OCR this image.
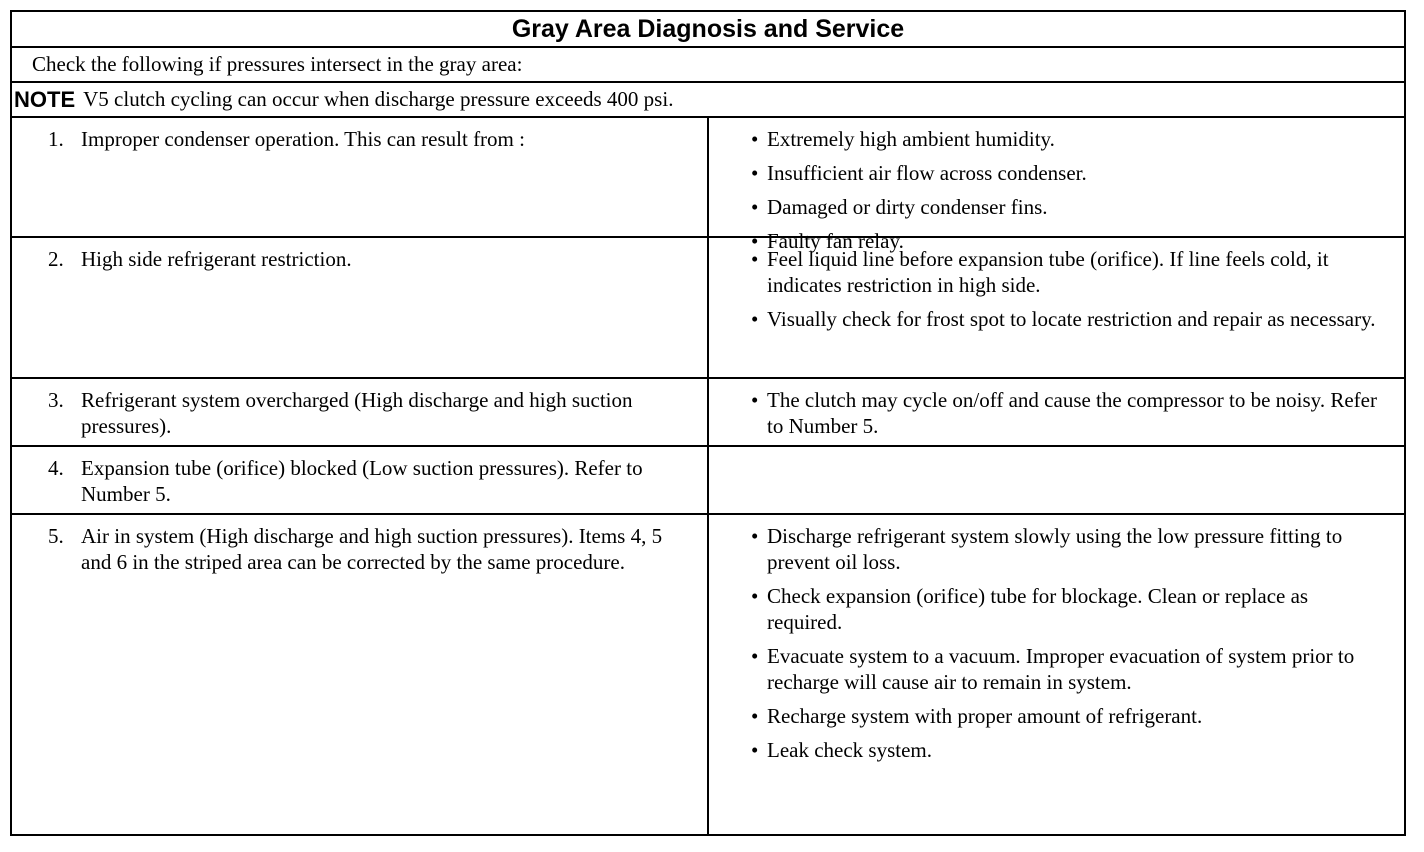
Gray Area Diagnosis and Service
Check the following if pressures intersect in the gray area:
NOTE V5 clutch cycling can occur when discharge pressure exceeds 400 psi.
1. Improper condenser operation. This can result from :	• Extremely high ambient humidity.
• Insufficient air flow across condenser.
• Damaged or dirty condenser fins.
• Faulty fan relay.
2. High side refrigerant restriction.	• Feel liquid line before expansion tube (orifice). If line feels cold, it indicates restriction in high side.
• Visually check for frost spot to locate restriction and repair as necessary.
3. Refrigerant system overcharged (High discharge and high suction pressures).
• The clutch may cycle on/off and cause the compressor to be noisy. Refer to Number 5.
4. Expansion tube (orifice) blocked (Low suction pressures). Refer to Number 5.
5. Air in system (High discharge and high suction pressures). Items 4, 5 and 6 in the striped area can be corrected by the same procedure.
• Discharge refrigerant system slowly using the low pressure fitting to prevent oil loss.
• Check expansion (orifice) tube for blockage. Clean or replace as required.
• Evacuate system to a vacuum. Improper evacuation of system prior to recharge will cause air to remain in system.
• Recharge system with proper amount of refrigerant.
• Leak check system.
